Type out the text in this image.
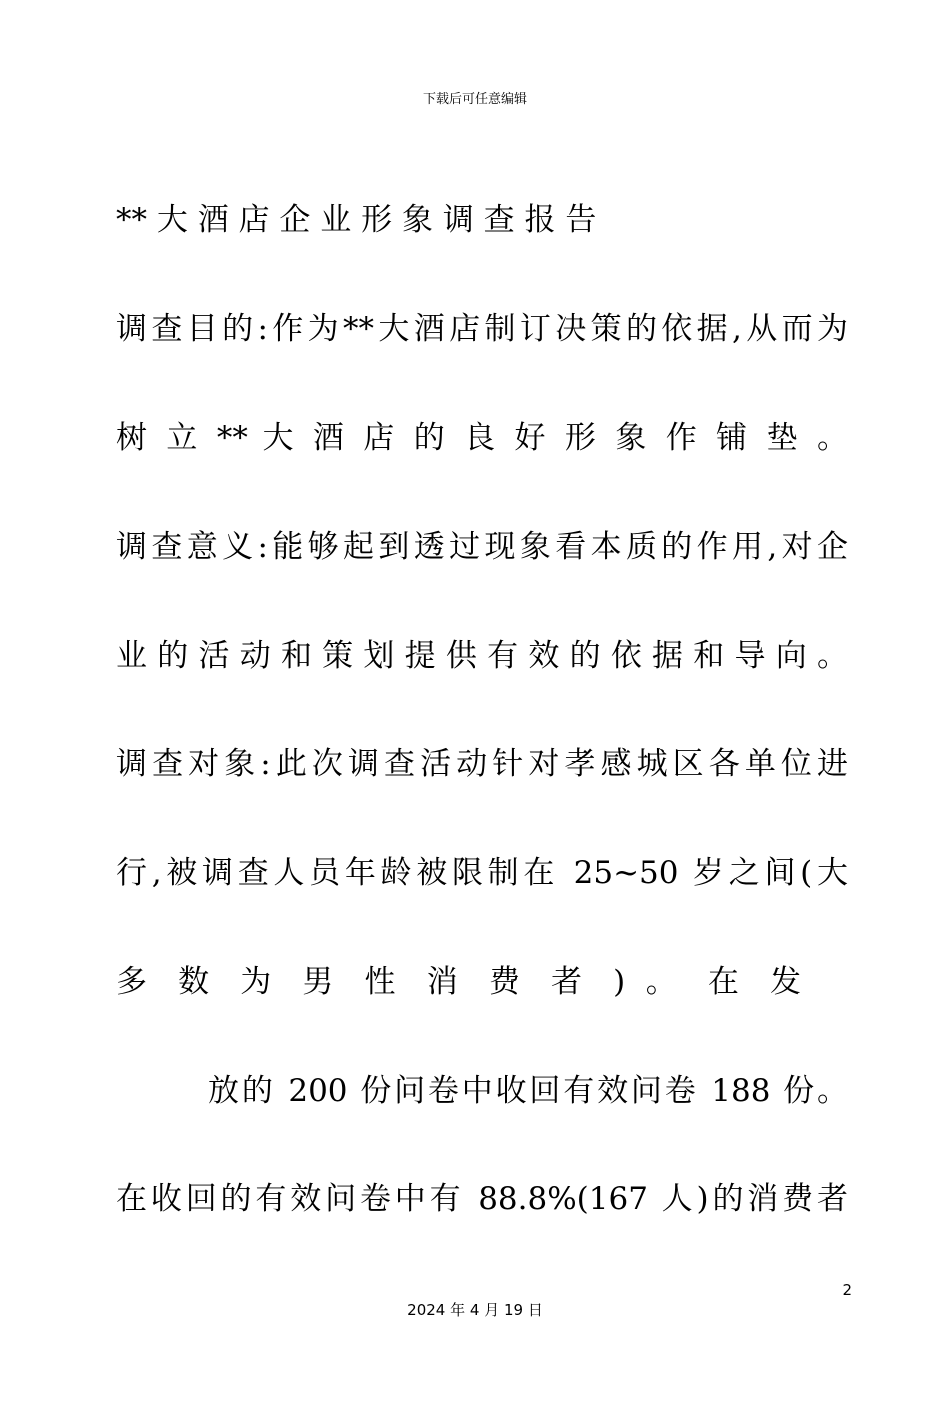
下载后可任意编辑
** 大 酒 店 企 业 形 象 调 查 报 告
调查目的:作为**大酒店制订决策的依据,从而为
树 立 ** 大 酒 店 的 良 好 形 象 作 铺 垫 。
调查意义:能够起到透过现象看本质的作用,对企
业的活动和策划提供有效的依据和导向。
调查对象:此次调查活动针对孝感城区各单位进
行,被调查人员年龄被限制在 25~50 岁之间(大
多 数 为 男 性 消 费 者 ) 。 在 发
放的 200 份问卷中收回有效问卷 188 份。
在收回的有效问卷中有 88.8%(167 人)的消费者
2
2024 年 4 月 19 日
